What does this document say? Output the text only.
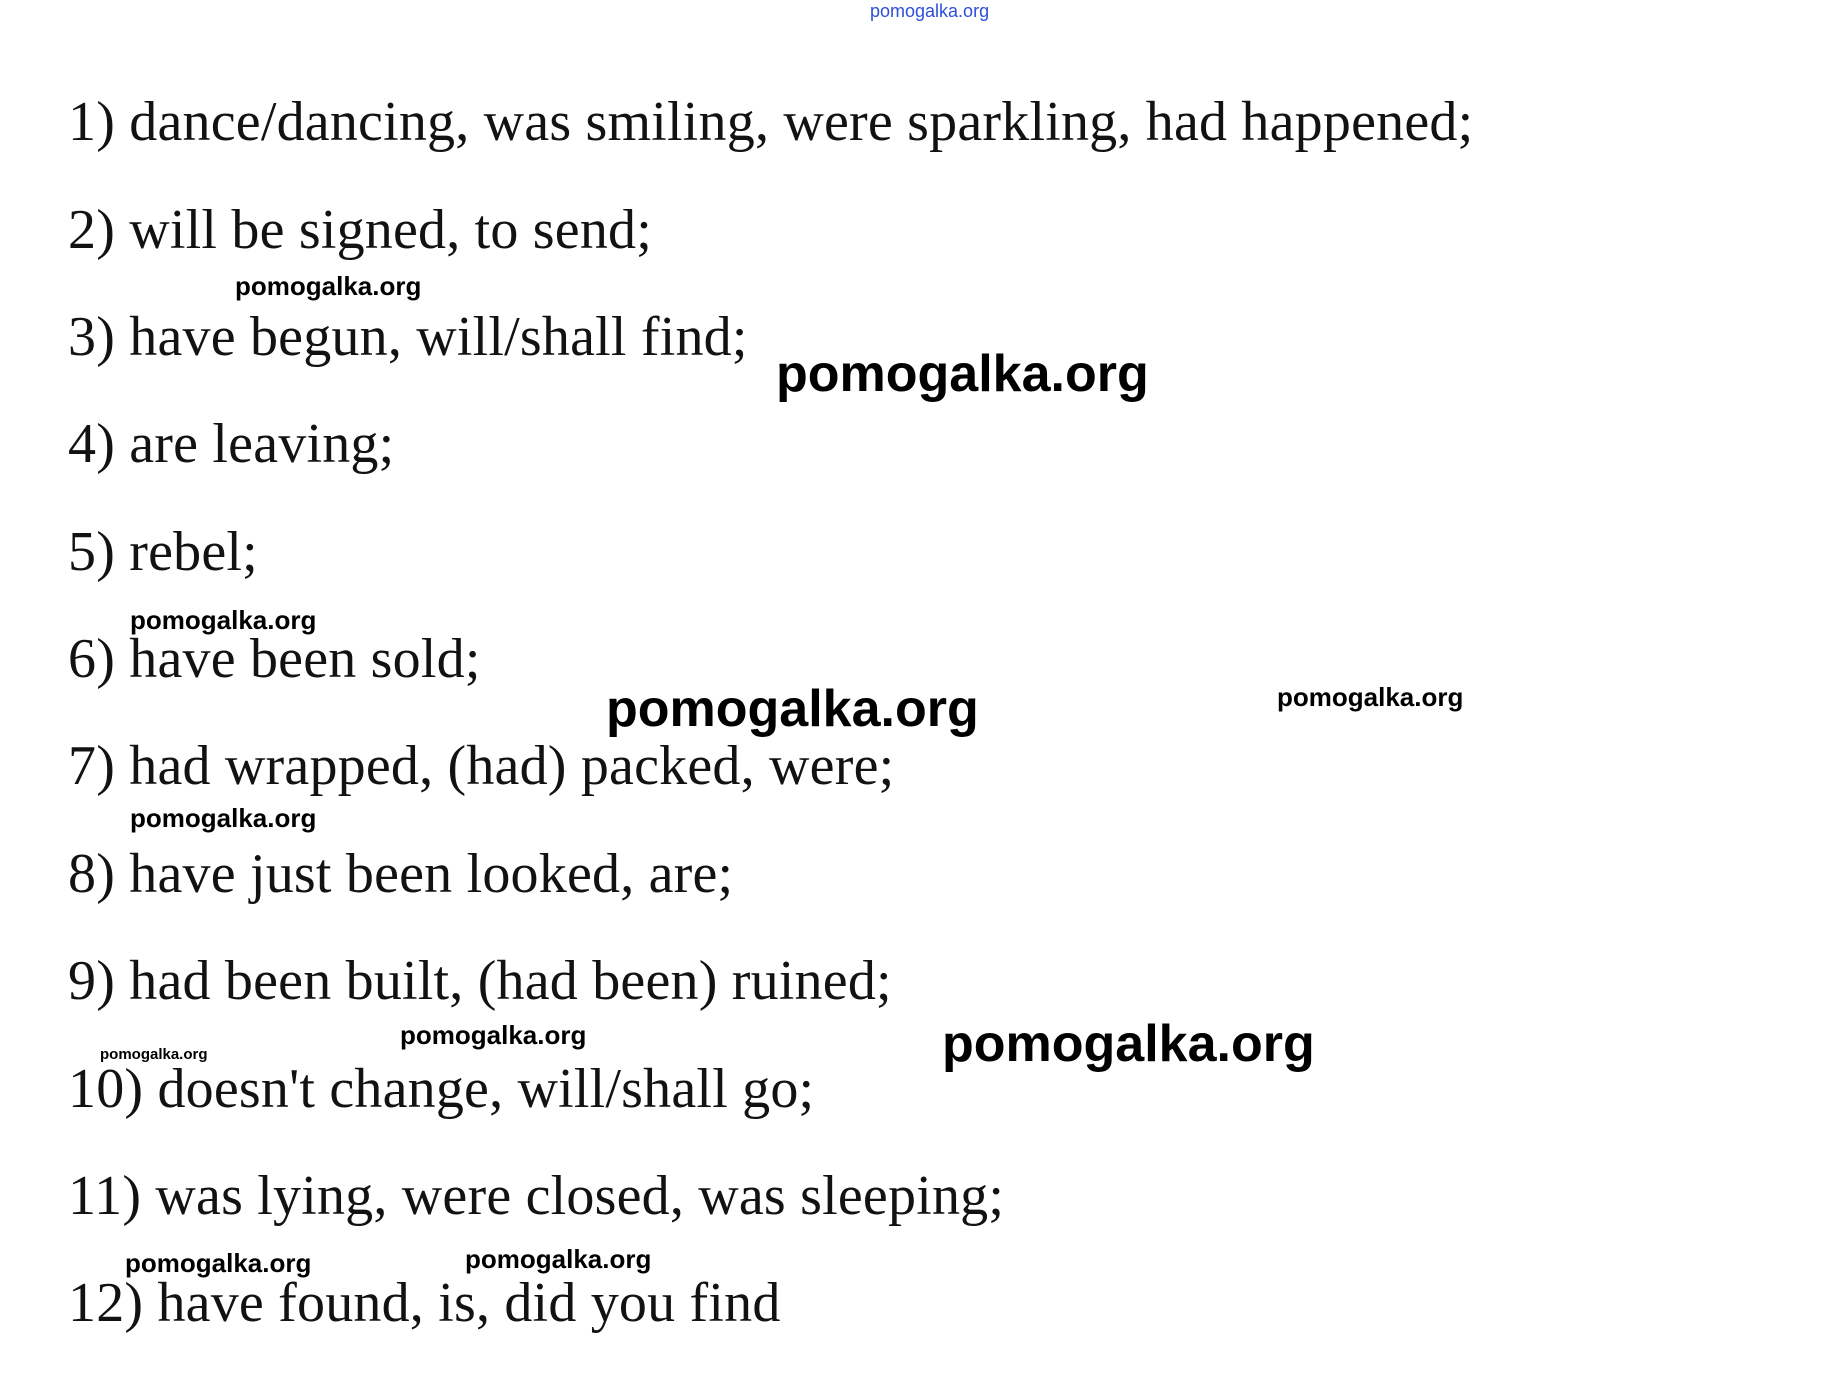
pomogalka.org

1) dance/dancing, was smiling, were sparkling, had happened;

2) will be signed, to send;

3) have begun, will/shall find;

4) are leaving;

5) rebel;

6) have been sold;

7) had wrapped, (had) packed, were;

8) have just been looked, are;

9) had been built, (had been) ruined;

10) doesn't change, will/shall go;

11) was lying, were closed, was sleeping;

12) have found, is, did you find

pomogalka.org
pomogalka.org
pomogalka.org
pomogalka.org	pomogalka.org
pomogalka.org
pomogalka.org
pomogalka.org	pomogalka.org
pomogalka.org	pomogalka.org
